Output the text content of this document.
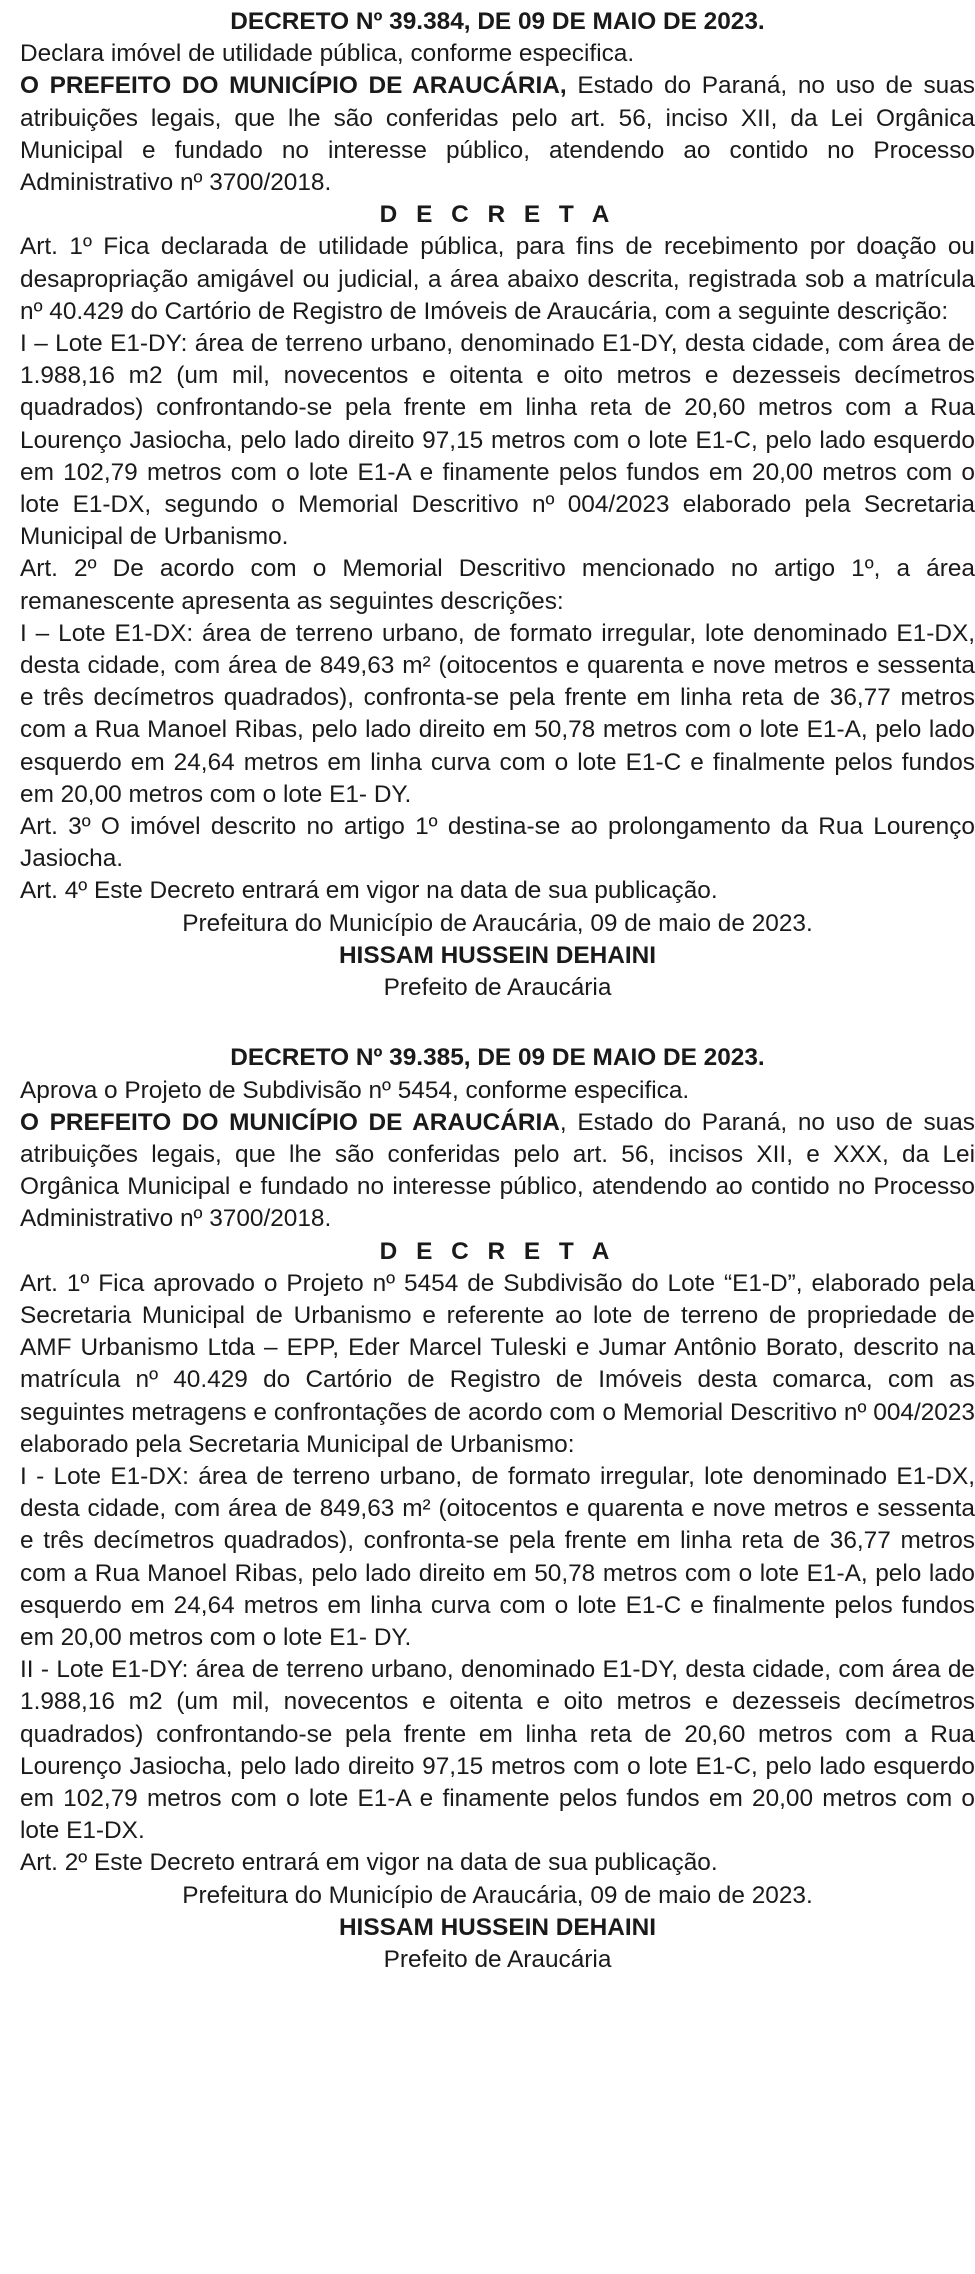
DECRETO Nº 39.384, DE 09 DE MAIO DE 2023.

Declara imóvel de utilidade pública, conforme especifica.

O PREFEITO DO MUNICÍPIO DE ARAUCÁRIA, Estado do Paraná, no uso de suas atribuições legais, que lhe são conferidas pelo art. 56, inciso XII, da Lei Orgânica Municipal e fundado no interesse público, atendendo ao contido no Processo Administrativo nº 3700/2018.

D E C R E T A

Art. 1º Fica declarada de utilidade pública, para fins de recebimento por doação ou desapropriação amigável ou judicial, a área abaixo descrita, registrada sob a matrícula nº 40.429 do Cartório de Registro de Imóveis de Araucária, com a seguinte descrição:

I – Lote E1-DY: área de terreno urbano, denominado E1-DY, desta cidade, com área de 1.988,16 m2 (um mil, novecentos e oitenta e oito metros e dezesseis decímetros quadrados) confrontando-se pela frente em linha reta de 20,60 metros com a Rua Lourenço Jasiocha, pelo lado direito 97,15 metros com o lote E1-C, pelo lado esquerdo em 102,79 metros com o lote E1-A e finamente pelos fundos em 20,00 metros com o lote E1-DX, segundo o Memorial Descritivo nº 004/2023 elaborado pela Secretaria Municipal de Urbanismo.

Art. 2º De acordo com o Memorial Descritivo mencionado no artigo 1º, a área remanescente apresenta as seguintes descrições:

I – Lote E1-DX: área de terreno urbano, de formato irregular, lote denominado E1-DX, desta cidade, com área de 849,63 m² (oitocentos e quarenta e nove metros e sessenta e três decímetros quadrados), confronta-se pela frente em linha reta de 36,77 metros com a Rua Manoel Ribas, pelo lado direito em 50,78 metros com o lote E1-A, pelo lado esquerdo em 24,64 metros em linha curva com o lote E1-C e finalmente pelos fundos em 20,00 metros com o lote E1- DY.

Art. 3º O imóvel descrito no artigo 1º destina-se ao prolongamento da Rua Lourenço Jasiocha.

Art. 4º Este Decreto entrará em vigor na data de sua publicação.

Prefeitura do Município de Araucária, 09 de maio de 2023.

HISSAM HUSSEIN DEHAINI

Prefeito de Araucária

DECRETO Nº 39.385, DE 09 DE MAIO DE 2023.

Aprova o Projeto de Subdivisão nº 5454, conforme especifica.

O PREFEITO DO MUNICÍPIO DE ARAUCÁRIA, Estado do Paraná, no uso de suas atribuições legais, que lhe são conferidas pelo art. 56, incisos XII, e XXX, da Lei Orgânica Municipal e fundado no interesse público, atendendo ao contido no Processo Administrativo nº 3700/2018.

D E C R E T A

Art. 1º Fica aprovado o Projeto nº 5454 de Subdivisão do Lote “E1-D”, elaborado pela Secretaria Municipal de Urbanismo e referente ao lote de terreno de propriedade de AMF Urbanismo Ltda – EPP, Eder Marcel Tuleski e Jumar Antônio Borato, descrito na matrícula nº 40.429 do Cartório de Registro de Imóveis desta comarca, com as seguintes metragens e confrontações de acordo com o Memorial Descritivo nº 004/2023 elaborado pela Secretaria Municipal de Urbanismo:

I - Lote E1-DX: área de terreno urbano, de formato irregular, lote denominado E1-DX, desta cidade, com área de 849,63 m² (oitocentos e quarenta e nove metros e sessenta e três decímetros quadrados), confronta-se pela frente em linha reta de 36,77 metros com a Rua Manoel Ribas, pelo lado direito em 50,78 metros com o lote E1-A, pelo lado esquerdo em 24,64 metros em linha curva com o lote E1-C e finalmente pelos fundos em 20,00 metros com o lote E1- DY.

II - Lote E1-DY: área de terreno urbano, denominado E1-DY, desta cidade, com área de 1.988,16 m2 (um mil, novecentos e oitenta e oito metros e dezesseis decímetros quadrados) confrontando-se pela frente em linha reta de 20,60 metros com a Rua Lourenço Jasiocha, pelo lado direito 97,15 metros com o lote E1-C, pelo lado esquerdo em 102,79 metros com o lote E1-A e finamente pelos fundos em 20,00 metros com o lote E1-DX.

Art. 2º Este Decreto entrará em vigor na data de sua publicação.

Prefeitura do Município de Araucária, 09 de maio de 2023.

HISSAM HUSSEIN DEHAINI

Prefeito de Araucária
